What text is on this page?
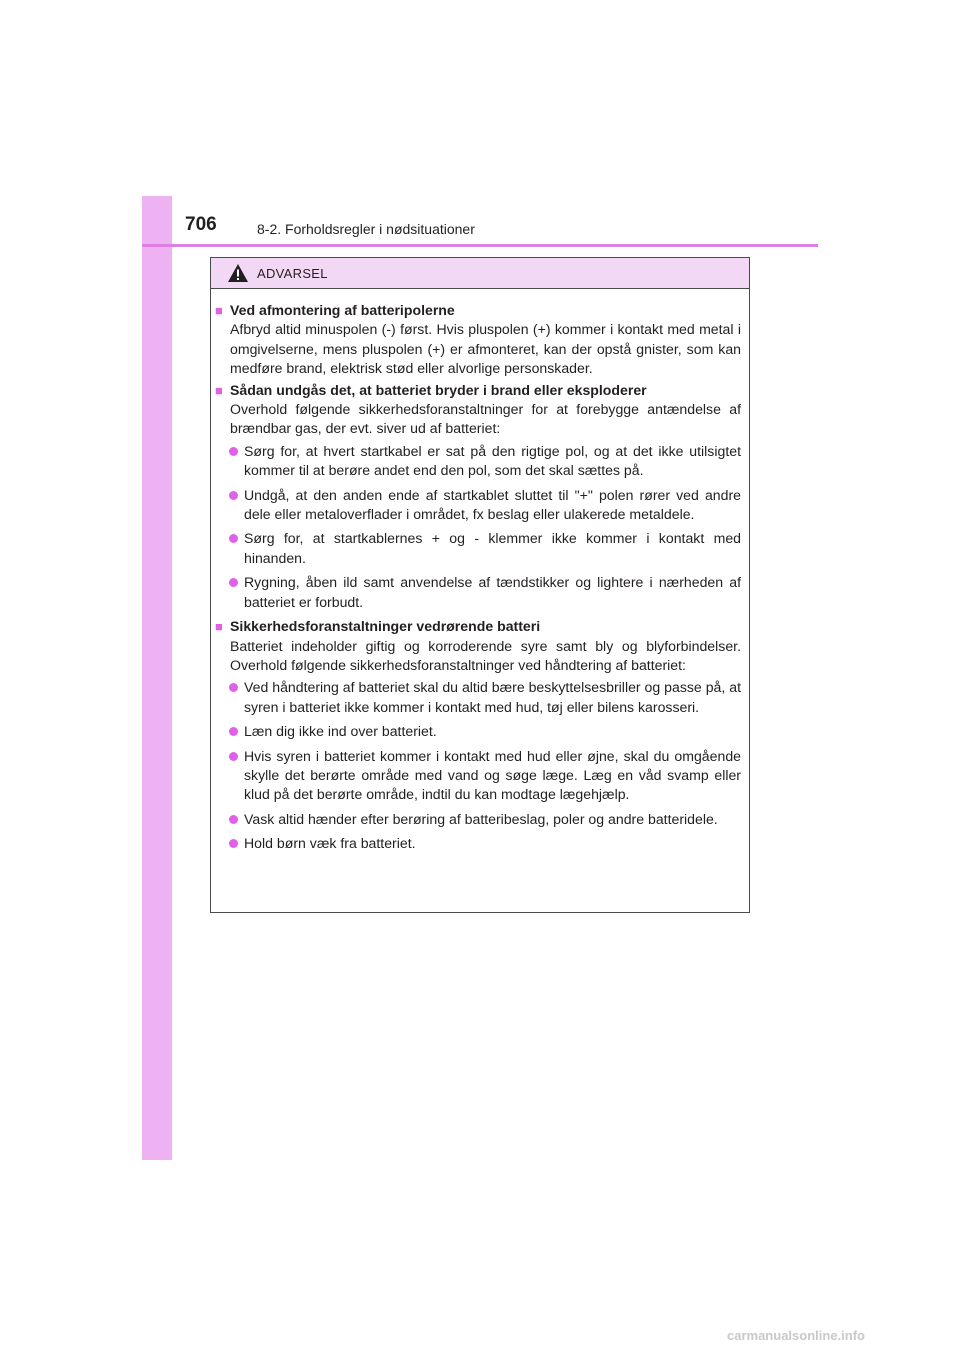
706	8-2. Forholdsregler i nødsituationer
ADVARSEL
■ Ved afmontering af batteripolerne
Afbryd altid minuspolen (-) først. Hvis pluspolen (+) kommer i kontakt med metal i omgivelserne, mens pluspolen (+) er afmonteret, kan der opstå gnister, som kan medføre brand, elektrisk stød eller alvorlige personskader.
■ Sådan undgås det, at batteriet bryder i brand eller eksploderer
Overhold følgende sikkerhedsforanstaltninger for at forebygge antændelse af brændbar gas, der evt. siver ud af batteriet:
Sørg for, at hvert startkabel er sat på den rigtige pol, og at det ikke utilsigtet kommer til at berøre andet end den pol, som det skal sættes på.
Undgå, at den anden ende af startkablet sluttet til "+" polen rører ved andre dele eller metaloverflader i området, fx beslag eller ulakerede metaldele.
Sørg for, at startkablernes + og - klemmer ikke kommer i kontakt med hinanden.
Rygning, åben ild samt anvendelse af tændstikker og lightere i nærheden af batteriet er forbudt.
■ Sikkerhedsforanstaltninger vedrørende batteri
Batteriet indeholder giftig og korroderende syre samt bly og blyforbindelser. Overhold følgende sikkerhedsforanstaltninger ved håndtering af batteriet:
Ved håndtering af batteriet skal du altid bære beskyttelsesbriller og passe på, at syren i batteriet ikke kommer i kontakt med hud, tøj eller bilens karosseri.
Læn dig ikke ind over batteriet.
Hvis syren i batteriet kommer i kontakt med hud eller øjne, skal du omgående skylle det berørte område med vand og søge læge. Læg en våd svamp eller klud på det berørte område, indtil du kan modtage lægehjælp.
Vask altid hænder efter berøring af batteribeslag, poler og andre batteridele.
Hold børn væk fra batteriet.
carmanualsonline.info
